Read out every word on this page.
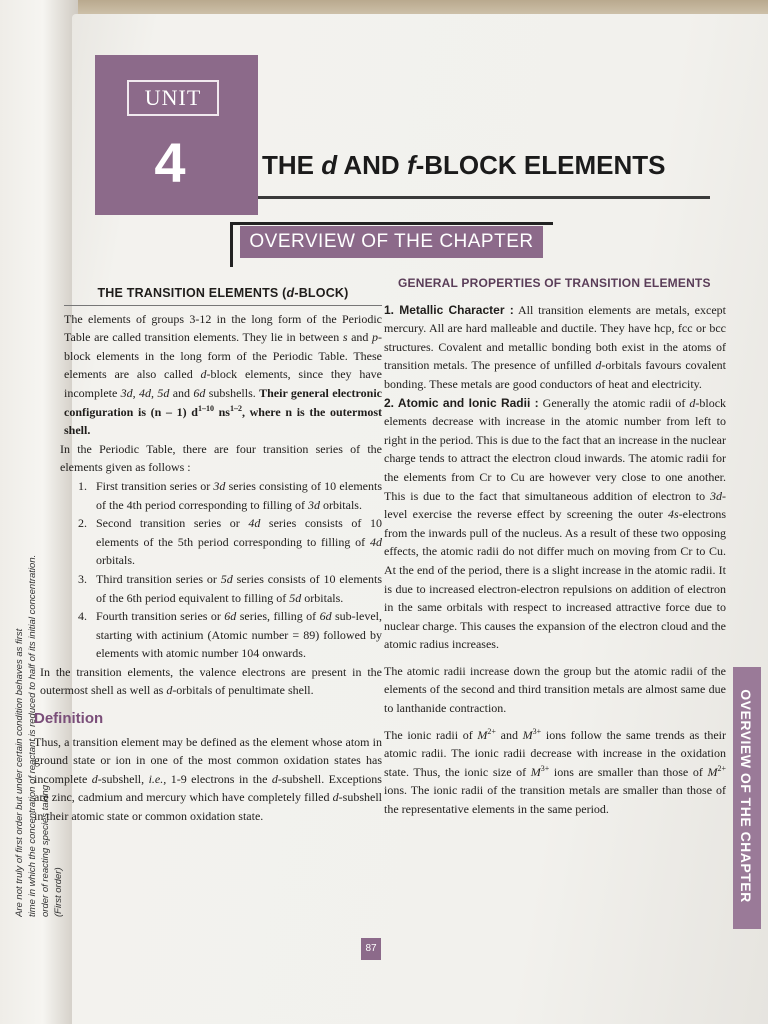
Are not truly of first order but under certain condition behaves as first time in which the concentration of reactant is reduced to half of its initial concentration. order of reacting species taking (First order)
UNIT
4	THE d AND f-BLOCK ELEMENTS
OVERVIEW OF THE CHAPTER
THE TRANSITION ELEMENTS (d-BLOCK)

The elements of groups 3-12 in the long form of the Periodic Table are called transition elements. They lie in between s and p-block elements in the long form of the Periodic Table. These elements are also called d-block elements, since they have incomplete 3d, 4d, 5d and 6d subshells. Their general electronic configuration is (n – 1) $d^{1-10}$ $ns^{1-2}$, where n is the outermost shell.

In the Periodic Table, there are four transition series of the elements given as follows :

1. First transition series or 3d series consisting of 10 elements of the 4th period corresponding to filling of 3d orbitals.
2. Second transition series or 4d series consists of 10 elements of the 5th period corresponding to filling of 4d orbitals.
3. Third transition series or 5d series consists of 10 elements of the 6th period equivalent to filling of 5d orbitals.
4. Fourth transition series or 6d series, filling of 6d sub-level, starting with actinium (Atomic number = 89) followed by elements with atomic number 104 onwards.

In the transition elements, the valence electrons are present in the outermost shell as well as d-orbitals of penultimate shell.

Definition

Thus, a transition element may be defined as the element whose atom in ground state or ion in one of the most common oxidation states has incomplete d-subshell, i.e., 1-9 electrons in the d-subshell. Exceptions are zinc, cadmium and mercury which have completely filled d-subshell in their atomic state or common oxidation state.

GENERAL PROPERTIES OF TRANSITION ELEMENTS

1. Metallic Character : All transition elements are metals, except mercury. All are hard malleable and ductile. They have hcp, fcc or bcc structures. Covalent and metallic bonding both exist in the atoms of transition metals. The presence of unfilled d-orbitals favours covalent bonding. These metals are good conductors of heat and electricity.

2. Atomic and Ionic Radii : Generally the atomic radii of d-block elements decrease with increase in the atomic number from left to right in the period. This is due to the fact that an increase in the nuclear charge tends to attract the electron cloud inwards. The atomic radii for the elements from Cr to Cu are however very close to one another. This is due to the fact that simultaneous addition of electron to 3d-level exercise the reverse effect by screening the outer 4s-electrons from the inwards pull of the nucleus. As a result of these two opposing effects, the atomic radii do not differ much on moving from Cr to Cu. At the end of the period, there is a slight increase in the atomic radii. It is due to increased electron-electron repulsions on addition of electron in the same orbitals with respect to increased attractive force due to nuclear charge. This causes the expansion of the electron cloud and the atomic radius increases.

The atomic radii increase down the group but the atomic radii of the elements of the second and third transition metals are almost same due to lanthanide contraction.

The ionic radii of $M^{2+}$ and $M^{3+}$ ions follow the same trends as their atomic radii. The ionic radii decrease with increase in the oxidation state. Thus, the ionic size of $M^{3+}$ ions are smaller than those of $M^{2+}$ ions. The ionic radii of the transition metals are smaller than those of the representative elements in the same period.	OVERVIEW OF THE CHAPTER
87
